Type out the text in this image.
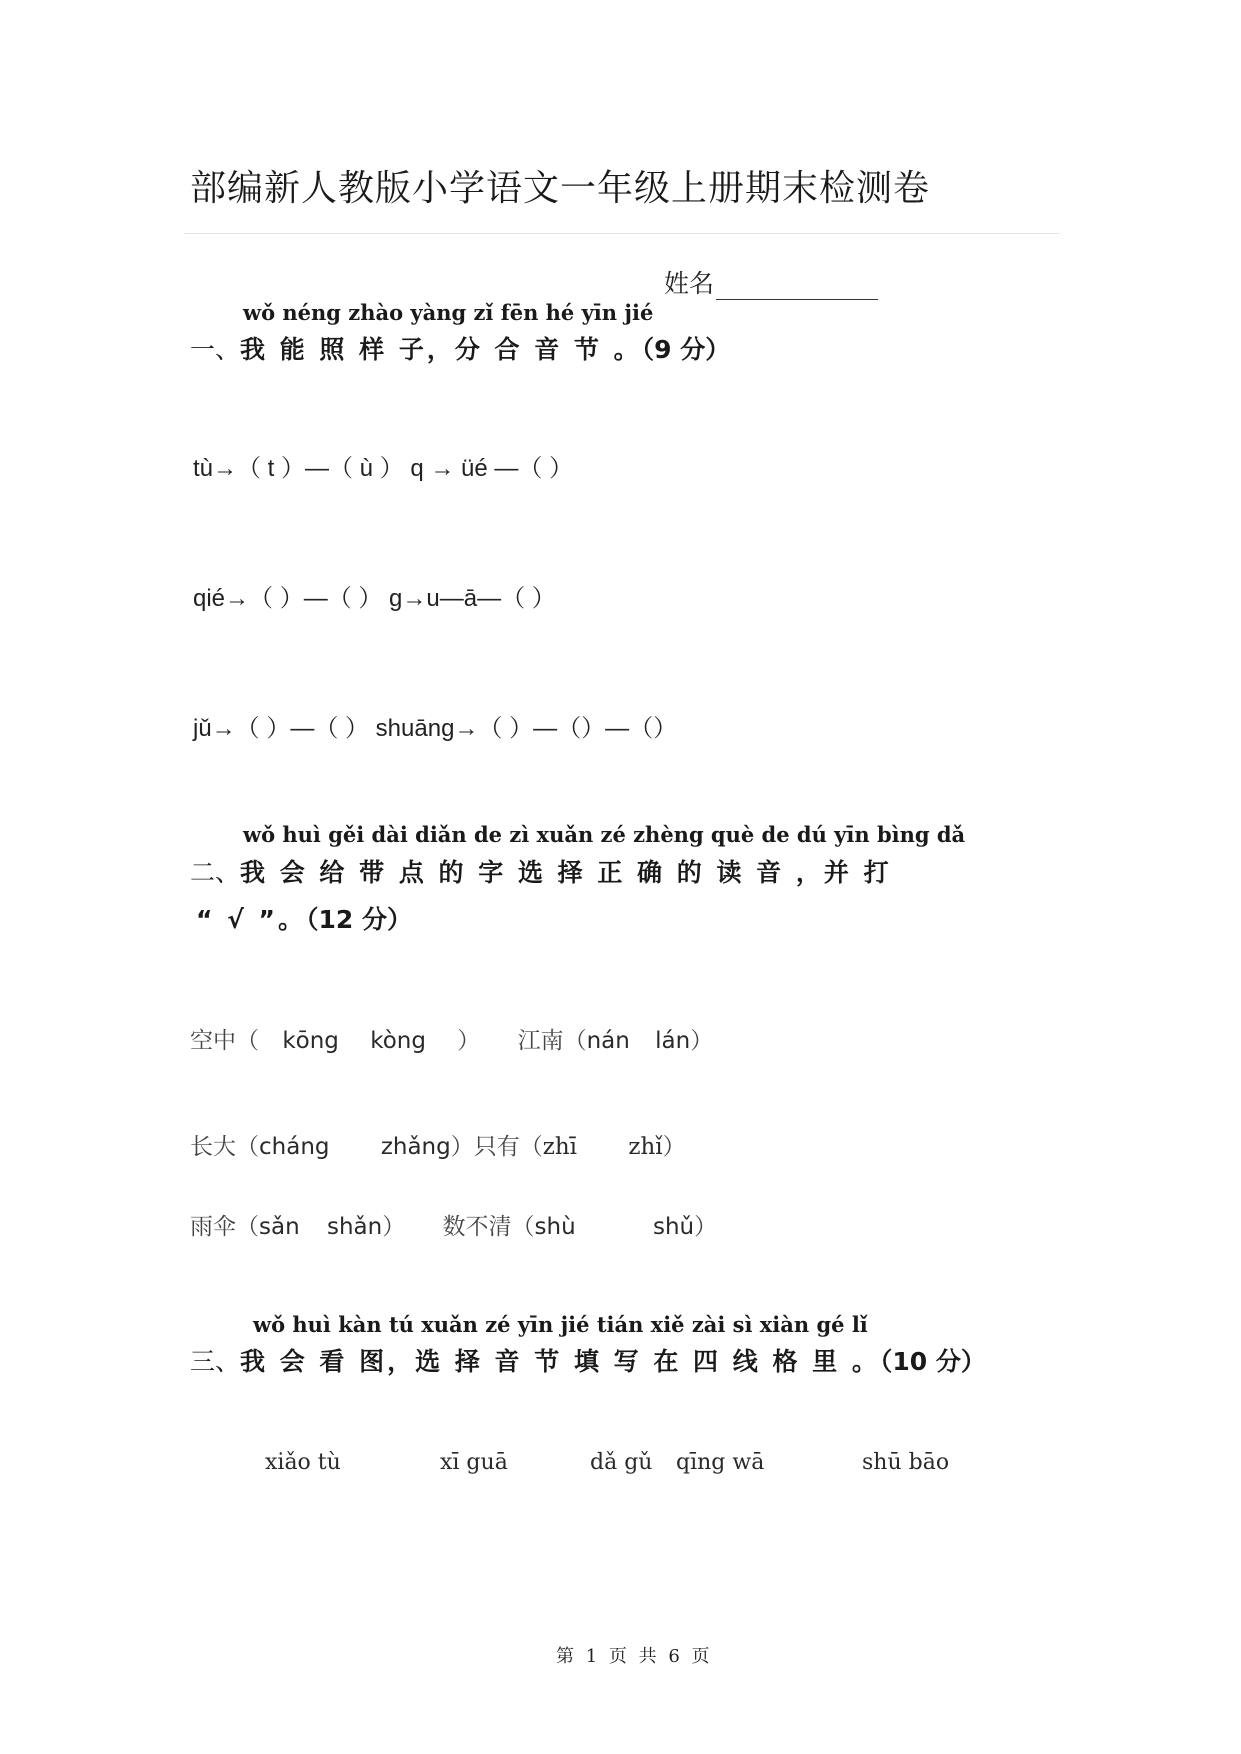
部编新人教版小学语文一年级上册期末检测卷
姓名
wǒ néng zhào yàng zǐ fēn hé yīn jié
一、我 能 照 样 子，分 合 音 节 。（9 分）
tù→（ t ）—（ ù ） q → üé —（ ）
qié→（ ）—（ ） g→u—ā—（ ）
jǔ→（ ）—（ ） shuāng→（ ）—（）—（）
wǒ huì gěi dài diǎn de zì xuǎn zé zhèng què de dú yīn bìng dǎ
二、我 会 给 带 点 的 字 选 择 正 确 的 读 音 ，并 打
“ √ ”。（12 分）
空中（ kōng kòng ） 江南（nán lán）
长大（cháng zhǎng）只有（zhī zhǐ）
雨伞（sǎn shǎn） 数不清（shù	shǔ）
wǒ huì kàn tú xuǎn zé yīn jié tián xiě zài sì xiàn gé lǐ
三、我 会 看 图，选 择 音 节 填 写 在 四 线 格 里 。（10 分）
xiǎo tù	xī guā	dǎ gǔ qīng wā	shū bāo
第 1 页 共 6 页
